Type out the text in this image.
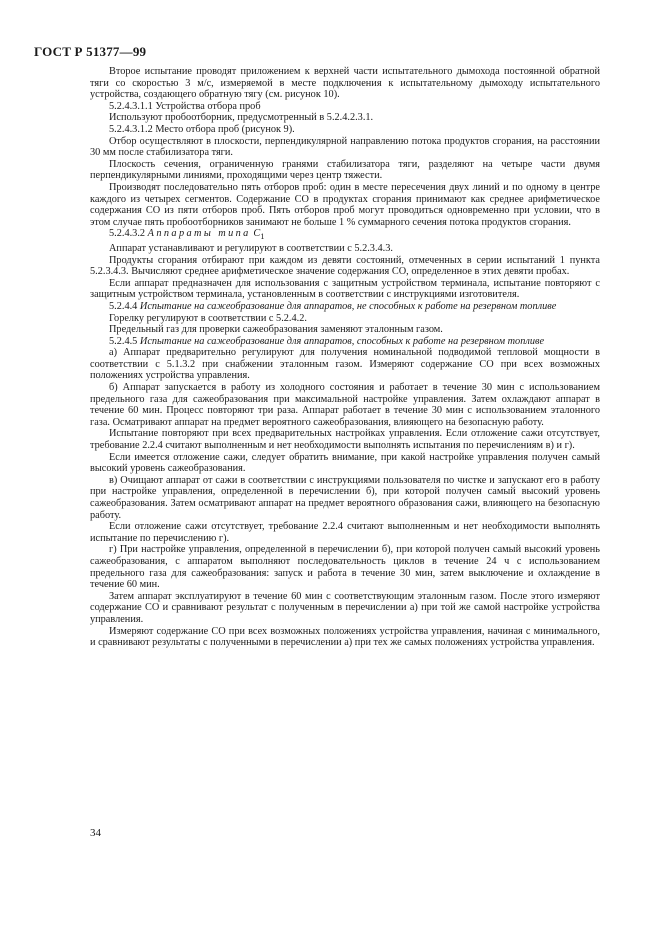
ГОСТ Р 51377—99

Второе испытание проводят приложением к верхней части испытательного дымохода постоянной обратной тяги со скоростью 3 м/с, измеряемой в месте подключения к испытательному дымоходу испытательного устройства, создающего обратную тягу (см. рисунок 10).

5.2.4.3.1.1 Устройства отбора проб

Используют пробоотборник, предусмотренный в 5.2.4.2.3.1.

5.2.4.3.1.2 Место отбора проб (рисунок 9).

Отбор осуществляют в плоскости, перпендикулярной направлению потока продуктов сгорания, на расстоянии 30 мм после стабилизатора тяги.

Плоскость сечения, ограниченную гранями стабилизатора тяги, разделяют на четыре части двумя перпендикулярными линиями, проходящими через центр тяжести.

Производят последовательно пять отборов проб: один в месте пересечения двух линий и по одному в центре каждого из четырех сегментов. Содержание СО в продуктах сгорания принимают как среднее арифметическое содержания СО из пяти отборов проб. Пять отборов проб могут проводиться одновременно при условии, что в этом случае пять пробоотборников занимают не больше 1 % суммарного сечения потока продуктов сгорания.

5.2.4.3.2 Аппараты типа $C_1$

Аппарат устанавливают и регулируют в соответствии с 5.2.3.4.3.

Продукты сгорания отбирают при каждом из девяти состояний, отмеченных в серии испытаний 1 пункта 5.2.3.4.3. Вычисляют среднее арифметическое значение содержания СО, определенное в этих девяти пробах.

Если аппарат предназначен для использования с защитным устройством терминала, испытание повторяют с защитным устройством терминала, установленным в соответствии с инструкциями изготовителя.

5.2.4.4 Испытание на сажеобразование для аппаратов, не способных к работе на резервном топливе

Горелку регулируют в соответствии с 5.2.4.2.

Предельный газ для проверки сажеобразования заменяют эталонным газом.

5.2.4.5 Испытание на сажеобразование для аппаратов, способных к работе на резервном топливе

а) Аппарат предварительно регулируют для получения номинальной подводимой тепловой мощности в соответствии с 5.1.3.2 при снабжении эталонным газом. Измеряют содержание СО при всех возможных положениях устройства управления.

б) Аппарат запускается в работу из холодного состояния и работает в течение 30 мин с использованием предельного газа для сажеобразования при максимальной настройке управления. Затем охлаждают аппарат в течение 60 мин. Процесс повторяют три раза. Аппарат работает в течение 30 мин с использованием эталонного газа. Осматривают аппарат на предмет вероятного сажеобразования, влияющего на безопасную работу.

Испытание повторяют при всех предварительных настройках управления. Если отложение сажи отсутствует, требование 2.2.4 считают выполненным и нет необходимости выполнять испытания по перечислениям в) и г).

Если имеется отложение сажи, следует обратить внимание, при какой настройке управления получен самый высокий уровень сажеобразования.

в) Очищают аппарат от сажи в соответствии с инструкциями пользователя по чистке и запускают его в работу при настройке управления, определенной в перечислении б), при которой получен самый высокий уровень сажеобразования. Затем осматривают аппарат на предмет вероятного образования сажи, влияющего на безопасную работу.

Если отложение сажи отсутствует, требование 2.2.4 считают выполненным и нет необходимости выполнять испытание по перечислению г).

г) При настройке управления, определенной в перечислении б), при которой получен самый высокий уровень сажеобразования, с аппаратом выполняют последовательность циклов в течение 24 ч с использованием предельного газа для сажеобразования: запуск и работа в течение 30 мин, затем выключение и охлаждение в течение 60 мин.

Затем аппарат эксплуатируют в течение 60 мин с соответствующим эталонным газом. После этого измеряют содержание СО и сравнивают результат с полученным в перечислении а) при той же самой настройке устройства управления.

Измеряют содержание СО при всех возможных положениях устройства управления, начиная с минимального, и сравнивают результаты с полученными в перечислении а) при тех же самых положениях устройства управления.

34
